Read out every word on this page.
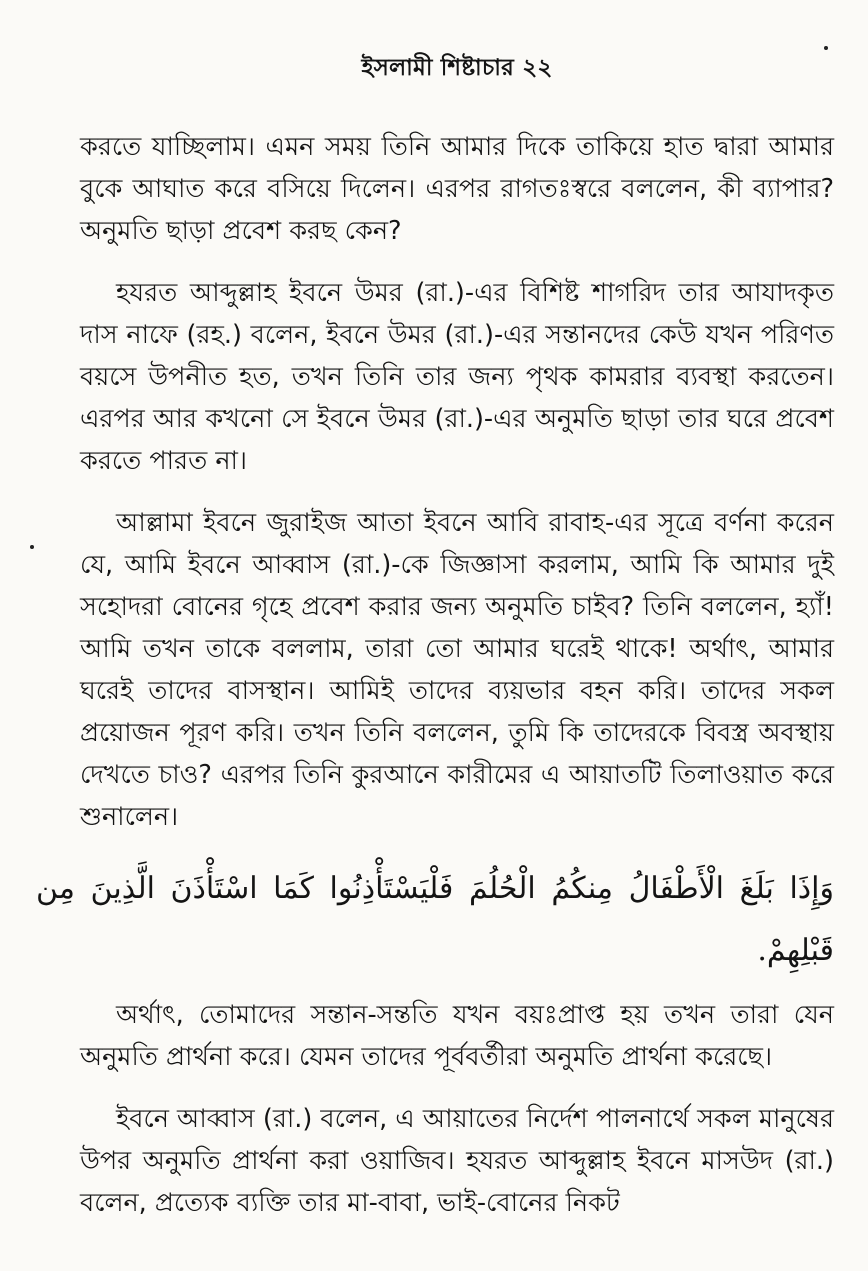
ইসলামী শিষ্টাচার ২২

করতে যাচ্ছিলাম। এমন সময় তিনি আমার দিকে তাকিয়ে হাত দ্বারা আমার বুকে আঘাত করে বসিয়ে দিলেন। এরপর রাগতঃস্বরে বললেন, কী ব্যাপার? অনুমতি ছাড়া প্রবেশ করছ কেন?

হযরত আব্দুল্লাহ ইবনে উমর (রা.)-এর বিশিষ্ট শাগরিদ তার আযাদকৃত দাস নাফে (রহ.) বলেন, ইবনে উমর (রা.)-এর সন্তানদের কেউ যখন পরিণত বয়সে উপনীত হত, তখন তিনি তার জন্য পৃথক কামরার ব্যবস্থা করতেন। এরপর আর কখনো সে ইবনে উমর (রা.)-এর অনুমতি ছাড়া তার ঘরে প্রবেশ করতে পারত না।

আল্লামা ইবনে জুরাইজ আতা ইবনে আবি রাবাহ-এর সূত্রে বর্ণনা করেন যে, আমি ইবনে আব্বাস (রা.)-কে জিজ্ঞাসা করলাম, আমি কি আমার দুই সহোদরা বোনের গৃহে প্রবেশ করার জন্য অনুমতি চাইব? তিনি বললেন, হ্যাঁ! আমি তখন তাকে বললাম, তারা তো আমার ঘরেই থাকে! অর্থাৎ, আমার ঘরেই তাদের বাসস্থান। আমিই তাদের ব্যয়ভার বহন করি। তাদের সকল প্রয়োজন পূরণ করি। তখন তিনি বললেন, তুমি কি তাদেরকে বিবস্ত্র অবস্থায় দেখতে চাও? এরপর তিনি কুরআনে কারীমের এ আয়াতটি তিলাওয়াত করে শুনালেন।

وَإِذَا بَلَغَ الْأَطْفَالُ مِنكُمُ الْحُلُمَ فَلْيَسْتَأْذِنُوا كَمَا اسْتَأْذَنَ الَّذِينَ مِن قَبْلِهِمْ.

অর্থাৎ, তোমাদের সন্তান-সন্ততি যখন বয়ঃপ্রাপ্ত হয় তখন তারা যেন অনুমতি প্রার্থনা করে। যেমন তাদের পূর্ববর্তীরা অনুমতি প্রার্থনা করেছে।

ইবনে আব্বাস (রা.) বলেন, এ আয়াতের নির্দেশ পালনার্থে সকল মানুষের উপর অনুমতি প্রার্থনা করা ওয়াজিব। হযরত আব্দুল্লাহ ইবনে মাসউদ (রা.) বলেন, প্রত্যেক ব্যক্তি তার মা-বাবা, ভাই-বোনের নিকট
